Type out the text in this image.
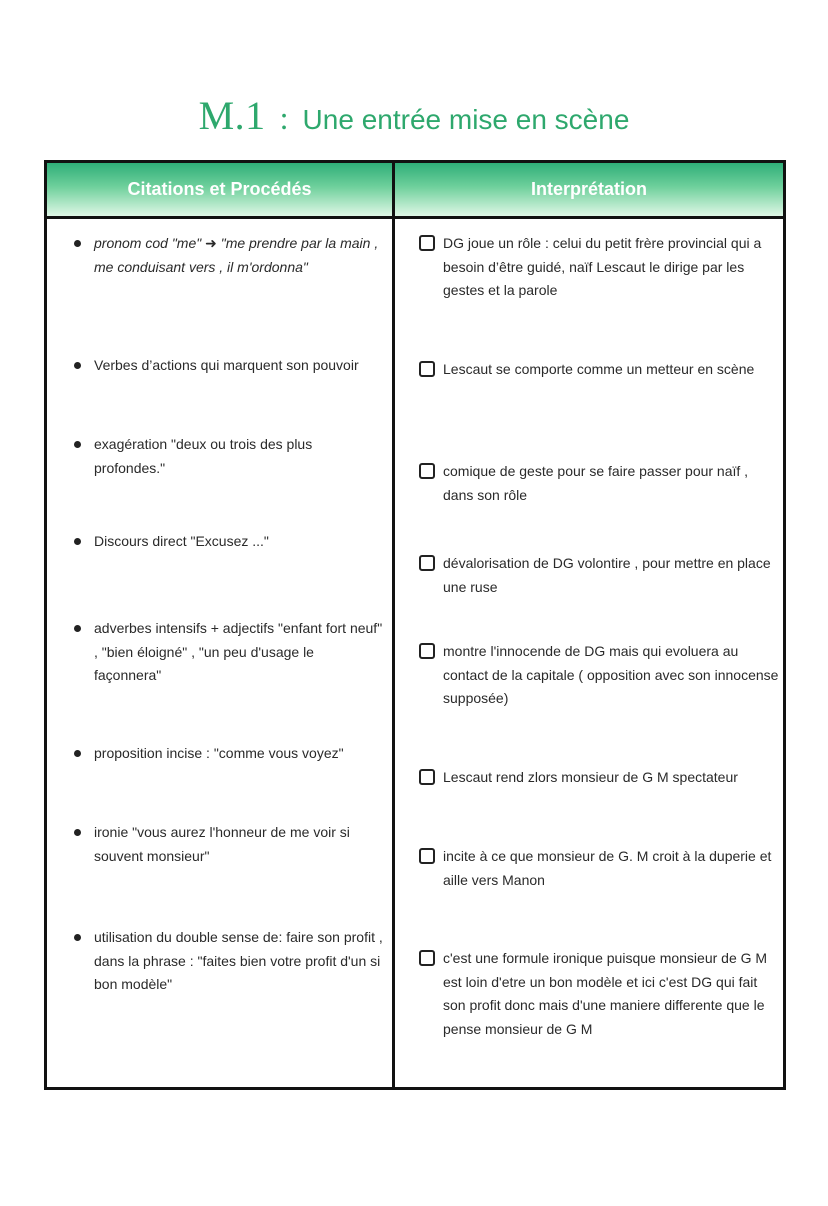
M.1 : Une entrée mise en scène
Citations et Procédés	Interprétation
pronom cod "me" ➜ "me prendre par la main , me conduisant vers , il m'ordonna"
Verbes d’actions qui marquent son pouvoir
exagération "deux ou trois des plus profondes."
Discours direct "Excusez ..."
adverbes intensifs + adjectifs "enfant fort neuf" , "bien éloigné" , "un peu d'usage le façonnera"
proposition incise : "comme vous voyez"
ironie "vous aurez l'honneur de me voir si souvent monsieur"
utilisation du double sense de: faire son profit , dans la phrase : "faites bien votre profit d'un si bon modèle"
DG joue un rôle : celui du petit frère provincial qui a besoin d’être guidé, naïf Lescaut le dirige par les gestes et la parole
Lescaut se comporte comme un metteur en scène
comique de geste pour se faire passer pour naïf , dans son rôle
dévalorisation de DG volontire , pour mettre en place une ruse
montre l'innocende de DG mais qui evoluera au contact de la capitale ( opposition avec son innocense supposée)
Lescaut rend zlors monsieur de G M spectateur
incite à ce que monsieur de G. M croit à la duperie et aille vers Manon
c'est une formule ironique puisque monsieur de G M est loin d'etre un bon modèle et ici c'est DG qui fait son profit donc mais d'une maniere differente que le pense monsieur de G M
